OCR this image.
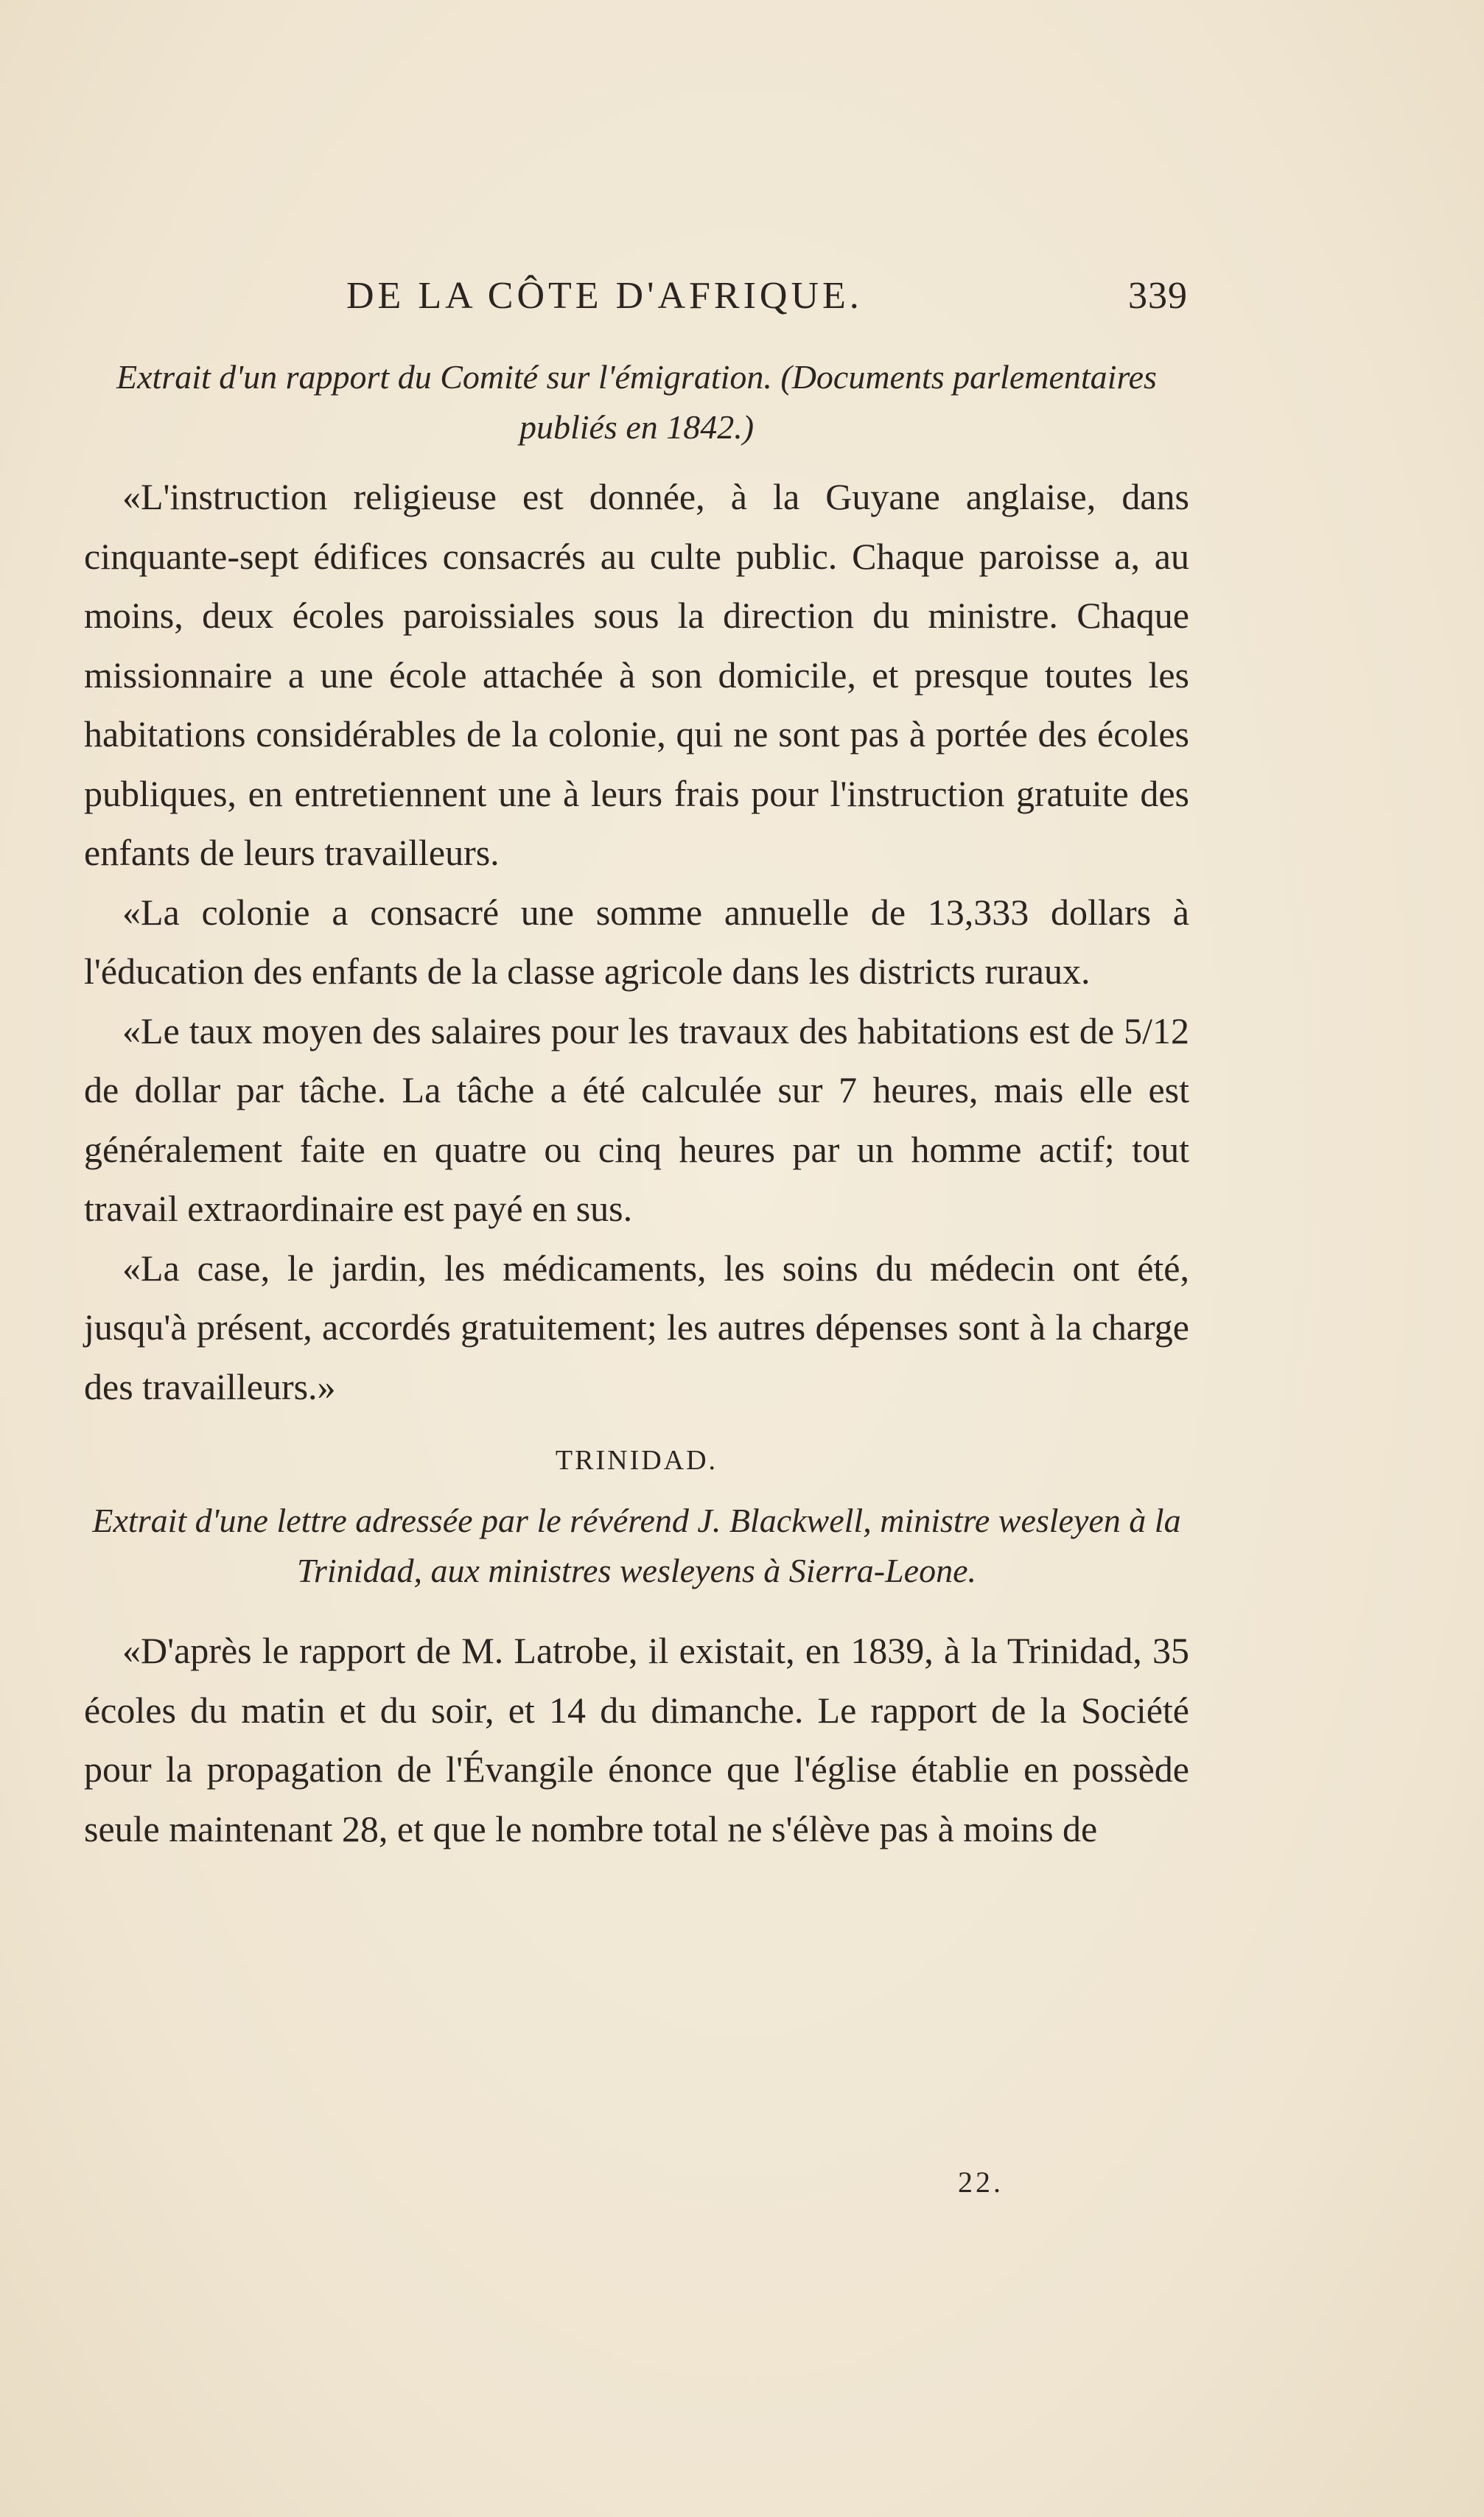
DE LA CÔTE D'AFRIQUE.	339

Extrait d'un rapport du Comité sur l'émigration. (Documents parlementaires publiés en 1842.)

«L'instruction religieuse est donnée, à la Guyane anglaise, dans cinquante-sept édifices consacrés au culte public. Chaque paroisse a, au moins, deux écoles paroissiales sous la direction du ministre. Chaque missionnaire a une école attachée à son domicile, et presque toutes les habitations considérables de la colonie, qui ne sont pas à portée des écoles publiques, en entretiennent une à leurs frais pour l'instruction gratuite des enfants de leurs travailleurs.

«La colonie a consacré une somme annuelle de 13,333 dollars à l'éducation des enfants de la classe agricole dans les districts ruraux.

«Le taux moyen des salaires pour les travaux des habitations est de 5/12 de dollar par tâche. La tâche a été calculée sur 7 heures, mais elle est généralement faite en quatre ou cinq heures par un homme actif; tout travail extraordinaire est payé en sus.

«La case, le jardin, les médicaments, les soins du médecin ont été, jusqu'à présent, accordés gratuitement; les autres dépenses sont à la charge des travailleurs.»

TRINIDAD.

Extrait d'une lettre adressée par le révérend J. Blackwell, ministre wesleyen à la Trinidad, aux ministres wesleyens à Sierra-Leone.

«D'après le rapport de M. Latrobe, il existait, en 1839, à la Trinidad, 35 écoles du matin et du soir, et 14 du dimanche. Le rapport de la Société pour la propagation de l'Évangile énonce que l'église établie en possède seule maintenant 28, et que le nombre total ne s'élève pas à moins de

22.
